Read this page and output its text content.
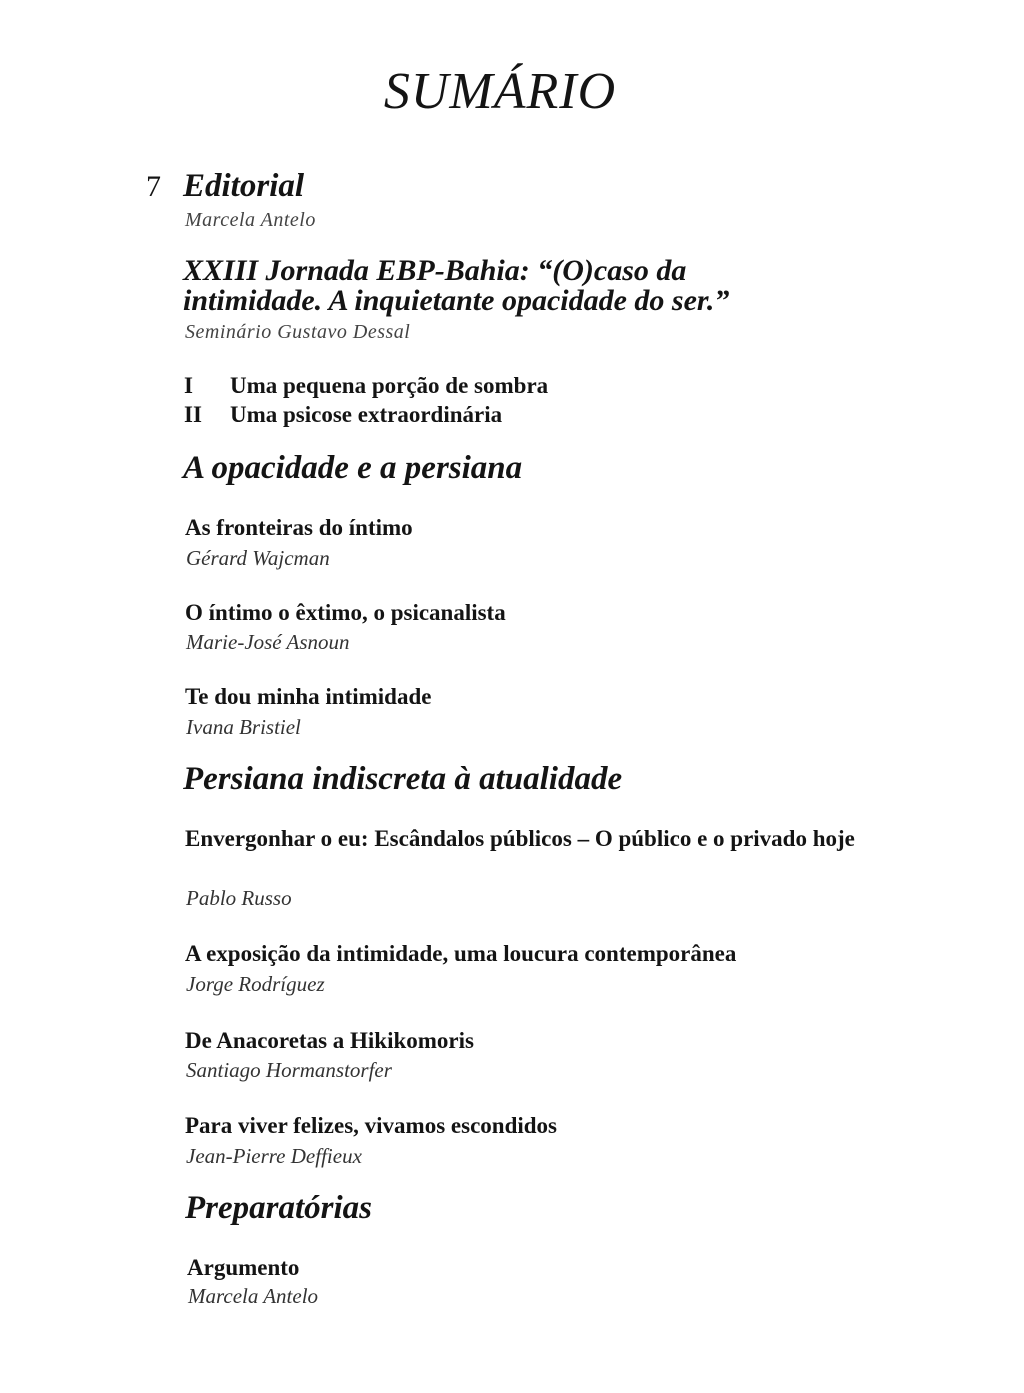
SUMÁRIO
7 Editorial
Marcela Antelo
XXIII Jornada EBP-Bahia: “(O)caso da intimidade. A inquietante opacidade do ser.”
Seminário Gustavo Dessal
I Uma pequena porção de sombra
II Uma psicose extraordinária
A opacidade e a persiana
As fronteiras do íntimo
Gérard Wajcman
O íntimo o êxtimo, o psicanalista
Marie-José Asnoun
Te dou minha intimidade
Ivana Bristiel
Persiana indiscreta à atualidade
Envergonhar o eu: Escândalos públicos – O público e o privado hoje
Pablo Russo
A exposição da intimidade, uma loucura contemporânea
Jorge Rodríguez
De Anacoretas a Hikikomoris
Santiago Hormanstorfer
Para viver felizes, vivamos escondidos
Jean-Pierre Deffieux
Preparatórias
Argumento
Marcela Antelo
